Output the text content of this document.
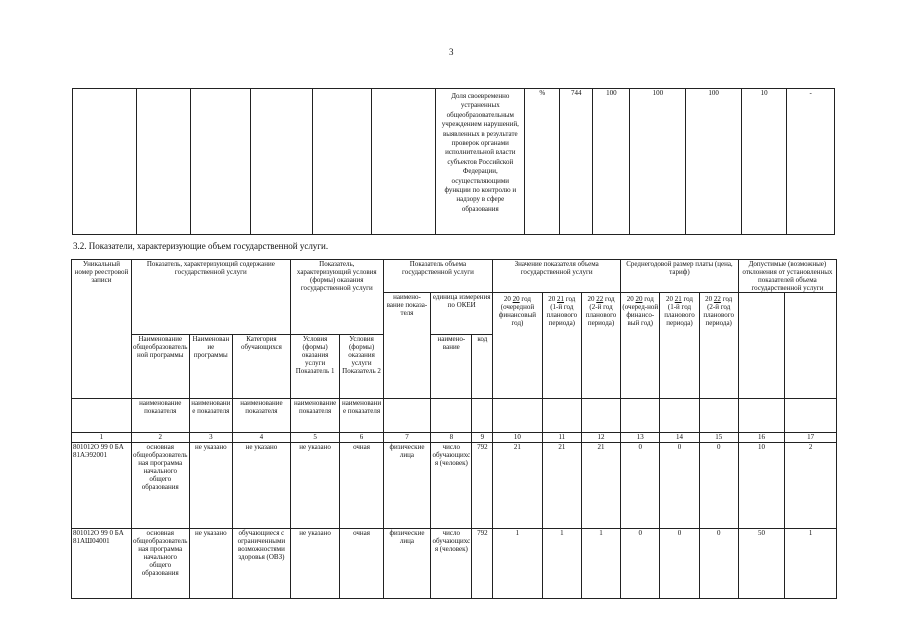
3
						Доля своевременно устраненных общеобразовательным учреждением нарушений, выявленных в результате проверок органами исполнительной власти субъектов Российской Федерации, осуществляющими функции по контролю и надзору в сфере образования	%	744	100	100	100	10	-
3.2. Показатели, характеризующие объем государственной услуги.
Уникальный номер реестровой записи	Показатель, характеризующий содержание государственной услуги			Показатель, характеризующий условия (формы) оказания государственной услуги		Показатель объема государственной услуги			Значение показателя объема государственной услуги			Среднегодовой размер платы (цена, тариф)			Допустимые (возможные) отклонения от установленных показателей объема государственной услуги	
						наимено-вание показа-теля	единица измерения по ОКЕИ		20 20 год (очередной финансовый год)	20 21 год (1-й год планового периода)	20 22 год (2-й год планового периода)	20 20 год (очеред-ной финансо-вый год)	20 21 год (1-й год планового периода)	20 22 год (2-й год планового периода)		
	Наименование общеобразовательной программы	Наименование программы	Категория обучающихся	Условия (формы) оказания услуги Показатель 1	Условия (формы) оказания услуги Показатель 2		наимено-вание	код								
	наименование показателя	наименование показателя	наименование показателя	наименование показателя	наименование показателя											
1	2	3	4	5	6	7	8	9	10	11	12	13	14	15	16	17
801012О 99 0 БА 81АЭ92001	основная общеобразовательная программа начального общего образования	не указано	не указано	не указано	очная	физические лица	число обучающихся (человек)	792	21	21	21	0	0	0	10	2
801012О 99 0 БА 81АШ04001	основная общеобразовательная программа начального общего образования	не указано	обучающиеся с ограниченными возможностями здоровья (ОВЗ)	не указано	очная	физические лица	число обучающихся (человек)	792	1	1	1	0	0	0	50	1
